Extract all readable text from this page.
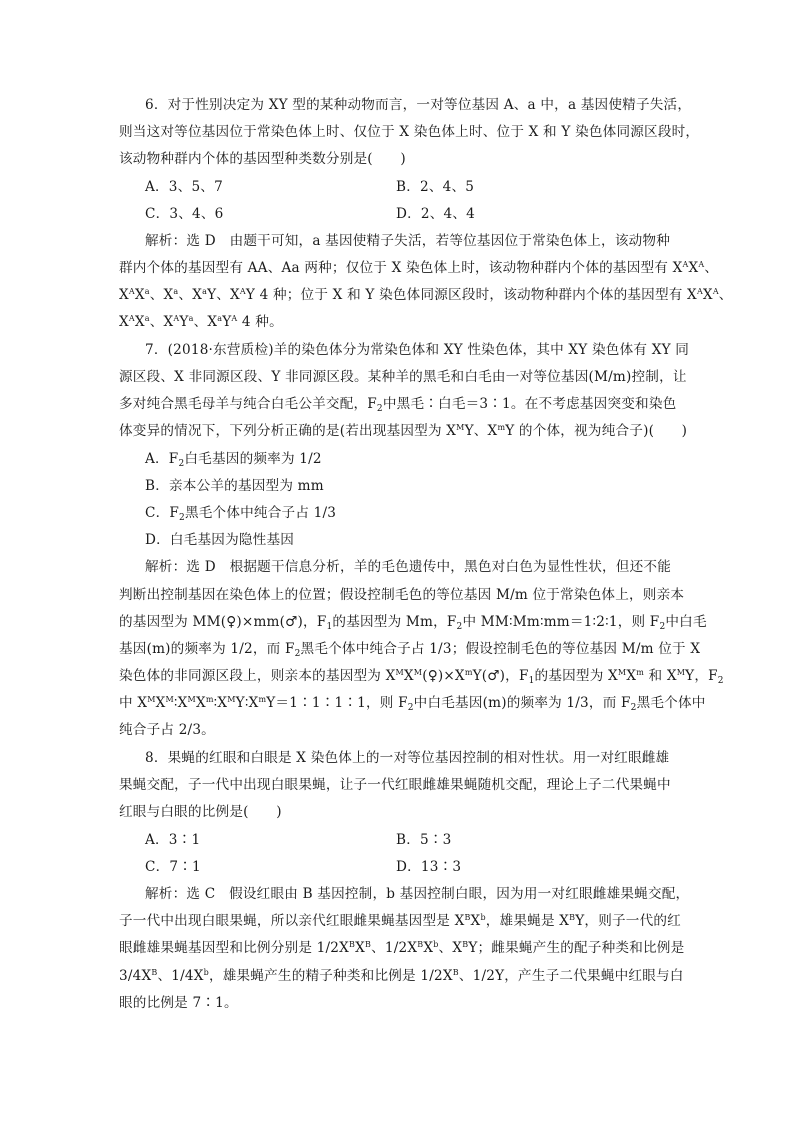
6．对于性别决定为 XY 型的某种动物而言，一对等位基因 A、a 中，a 基因使精子失活，
则当这对等位基因位于常染色体上时、仅位于 X 染色体上时、位于 X 和 Y 染色体同源区段时，
该动物种群内个体的基因型种类数分别是(　　)
A．3、5、7	B．2、4、5
C．3、4、6	D．2、4、4
解析：选 D　由题干可知，a 基因使精子失活，若等位基因位于常染色体上，该动物种
群内个体的基因型有 AA、Aa 两种；仅位于 X 染色体上时，该动物种群内个体的基因型有 $X^AX^A$、
$X^AX^a$、$X^a$、$X^aY$、$X^AY$ 4 种；位于 X 和 Y 染色体同源区段时，该动物种群内个体的基因型有 $X^AX^A$、
$X^AX^a$、$X^AY^a$、$X^aY^A$ 4 种。
7．(2018·东营质检)羊的染色体分为常染色体和 XY 性染色体，其中 XY 染色体有 XY 同
源区段、X 非同源区段、Y 非同源区段。某种羊的黑毛和白毛由一对等位基因(M/m)控制，让
多对纯合黑毛母羊与纯合白毛公羊交配，$F_2$中黑毛∶白毛＝3∶1。在不考虑基因突变和染色
体变异的情况下，下列分析正确的是(若出现基因型为 $X^MY$、$X^mY$ 的个体，视为纯合子)(　　)
A．$F_2$白毛基因的频率为 1/2
B．亲本公羊的基因型为 mm
C．$F_2$黑毛个体中纯合子占 1/3
D．白毛基因为隐性基因
解析：选 D　根据题干信息分析，羊的毛色遗传中，黑色对白色为显性性状，但还不能
判断出控制基因在染色体上的位置；假设控制毛色的等位基因 M/m 位于常染色体上，则亲本
的基因型为 MM(♀)×mm(♂)，$F_1$的基因型为 Mm，$F_2$中 MM∶Mm∶mm＝1∶2∶1，则 $F_2$中白毛
基因(m)的频率为 1/2，而 $F_2$黑毛个体中纯合子占 1/3；假设控制毛色的等位基因 M/m 位于 X
染色体的非同源区段上，则亲本的基因型为 $X^MX^M(♀)\times X^mY(♂)$，$F_1$的基因型为 $X^MX^m$ 和 $X^MY$，$F_2$
中 $X^MX^M∶X^MX^m∶X^MY∶X^mY=1∶1∶1∶1$，则 $F_2$中白毛基因(m)的频率为 1/3，而 $F_2$黑毛个体中
纯合子占 2/3。
8．果蝇的红眼和白眼是 X 染色体上的一对等位基因控制的相对性状。用一对红眼雌雄
果蝇交配，子一代中出现白眼果蝇，让子一代红眼雌雄果蝇随机交配，理论上子二代果蝇中
红眼与白眼的比例是(　　)
A．3∶1	B．5∶3
C．7∶1	D．13∶3
解析：选 C　假设红眼由 B 基因控制，b 基因控制白眼，因为用一对红眼雌雄果蝇交配，
子一代中出现白眼果蝇，所以亲代红眼雌果蝇基因型是 $X^BX^b$，雄果蝇是 $X^BY$，则子一代的红
眼雌雄果蝇基因型和比例分别是 $1/2X^BX^B$、$1/2X^BX^b$、$X^BY$；雌果蝇产生的配子种类和比例是
$3/4X^B$、$1/4X^b$，雄果蝇产生的精子种类和比例是 $1/2X^B$、1/2Y，产生子二代果蝇中红眼与白
眼的比例是 7∶1。
